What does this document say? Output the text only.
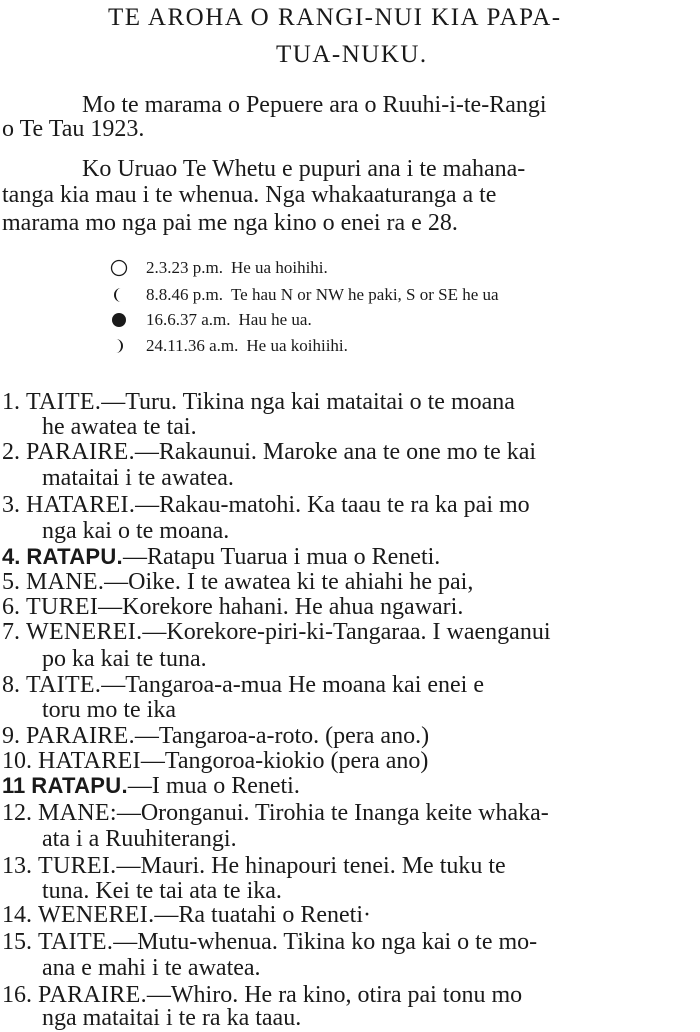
TE AROHA O RANGI-NUI KIA PAPA-
TUA-NUKU.
Mo te marama o Pepuere ara o Ruuhi-i-te-Rangi
o Te Tau 1923.
Ko Uruao Te Whetu e pupuri ana i te mahana-
tanga kia mau i te whenua. Nga whakaaturanga a te
marama mo nga pai me nga kino o enei ra e 28.
2.3.23 p.m. He ua hoihihi.
8.8.46 p.m. Te hau N or NW he paki, S or SE he ua
16.6.37 a.m. Hau he ua.
24.11.36 a.m. He ua koihiihi.
1. TAITE.—Turu. Tikina nga kai mataitai o te moana
he awatea te tai.
2. PARAIRE.—Rakaunui. Maroke ana te one mo te kai
mataitai i te awatea.
3. HATAREI.—Rakau-matohi. Ka taau te ra ka pai mo
nga kai o te moana.
4. RATAPU.—Ratapu Tuarua i mua o Reneti.
5. MANE.—Oike. I te awatea ki te ahiahi he pai,
6. TUREI—Korekore hahani. He ahua ngawari.
7. WENEREI.—Korekore-piri-ki-Tangaraa. I waenganui
po ka kai te tuna.
8. TAITE.—Tangaroa-a-mua He moana kai enei e
toru mo te ika
9. PARAIRE.—Tangaroa-a-roto. (pera ano.)
10. HATAREI—Tangoroa-kiokio (pera ano)
11 RATAPU.—I mua o Reneti.
12. MANE:—Oronganui. Tirohia te Inanga keite whaka-
ata i a Ruuhiterangi.
13. TUREI.—Mauri. He hinapouri tenei. Me tuku te
tuna. Kei te tai ata te ika.
14. WENEREI.—Ra tuatahi o Reneti·
15. TAITE.—Mutu-whenua. Tikina ko nga kai o te mo-
ana e mahi i te awatea.
16. PARAIRE.—Whiro. He ra kino, otira pai tonu mo
nga mataitai i te ra ka taau.
